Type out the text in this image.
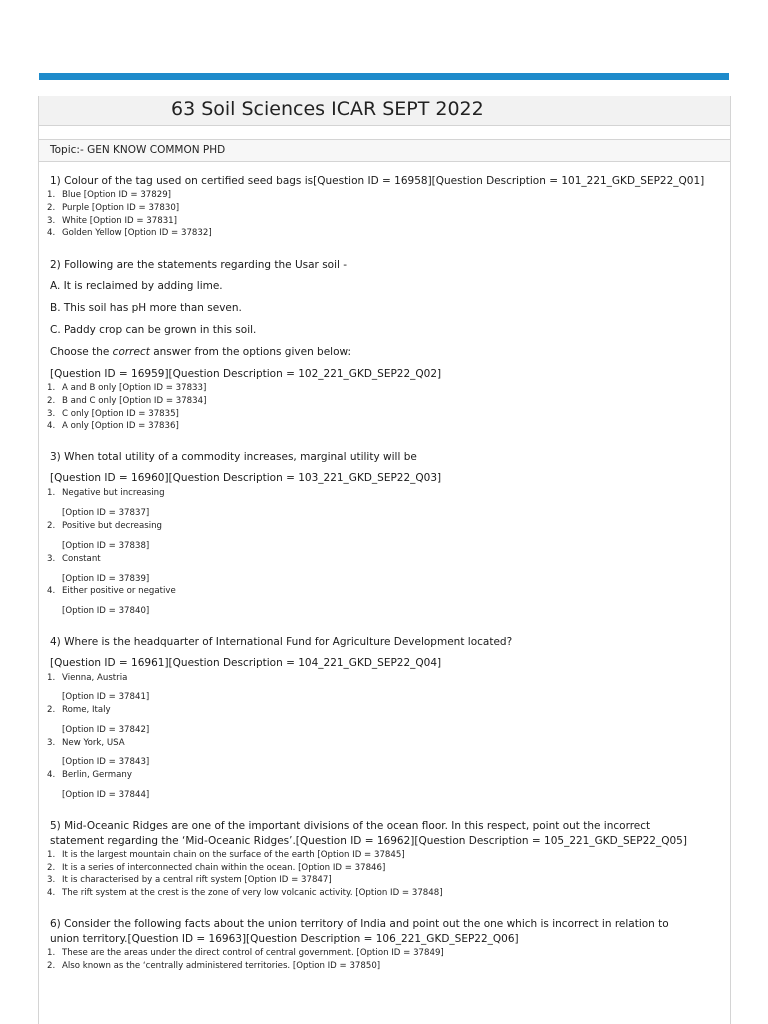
63 Soil Sciences ICAR SEPT 2022
Topic:- GEN KNOW COMMON PHD
1) Colour of the tag used on certified seed bags is[Question ID = 16958][Question Description = 101_221_GKD_SEP22_Q01]
1. Blue [Option ID = 37829]
2. Purple [Option ID = 37830]
3. White [Option ID = 37831]
4. Golden Yellow [Option ID = 37832]
2) Following are the statements regarding the Usar soil -
A. It is reclaimed by adding lime.
B. This soil has pH more than seven.
C. Paddy crop can be grown in this soil.
Choose the correct answer from the options given below:
[Question ID = 16959][Question Description = 102_221_GKD_SEP22_Q02]
1. A and B only [Option ID = 37833]
2. B and C only [Option ID = 37834]
3. C only [Option ID = 37835]
4. A only [Option ID = 37836]
3) When total utility of a commodity increases, marginal utility will be
[Question ID = 16960][Question Description = 103_221_GKD_SEP22_Q03]
1. Negative but increasing
[Option ID = 37837]
2. Positive but decreasing
[Option ID = 37838]
3. Constant
[Option ID = 37839]
4. Either positive or negative
[Option ID = 37840]
4) Where is the headquarter of International Fund for Agriculture Development located?
[Question ID = 16961][Question Description = 104_221_GKD_SEP22_Q04]
1. Vienna, Austria
[Option ID = 37841]
2. Rome, Italy
[Option ID = 37842]
3. New York, USA
[Option ID = 37843]
4. Berlin, Germany
[Option ID = 37844]
5) Mid-Oceanic Ridges are one of the important divisions of the ocean floor. In this respect, point out the incorrect
statement regarding the ‘Mid-Oceanic Ridges’.[Question ID = 16962][Question Description = 105_221_GKD_SEP22_Q05]
1. It is the largest mountain chain on the surface of the earth [Option ID = 37845]
2. It is a series of interconnected chain within the ocean. [Option ID = 37846]
3. It is characterised by a central rift system [Option ID = 37847]
4. The rift system at the crest is the zone of very low volcanic activity. [Option ID = 37848]
6) Consider the following facts about the union territory of India and point out the one which is incorrect in relation to
union territory.[Question ID = 16963][Question Description = 106_221_GKD_SEP22_Q06]
1. These are the areas under the direct control of central government. [Option ID = 37849]
2. Also known as the ‘centrally administered territories. [Option ID = 37850]
